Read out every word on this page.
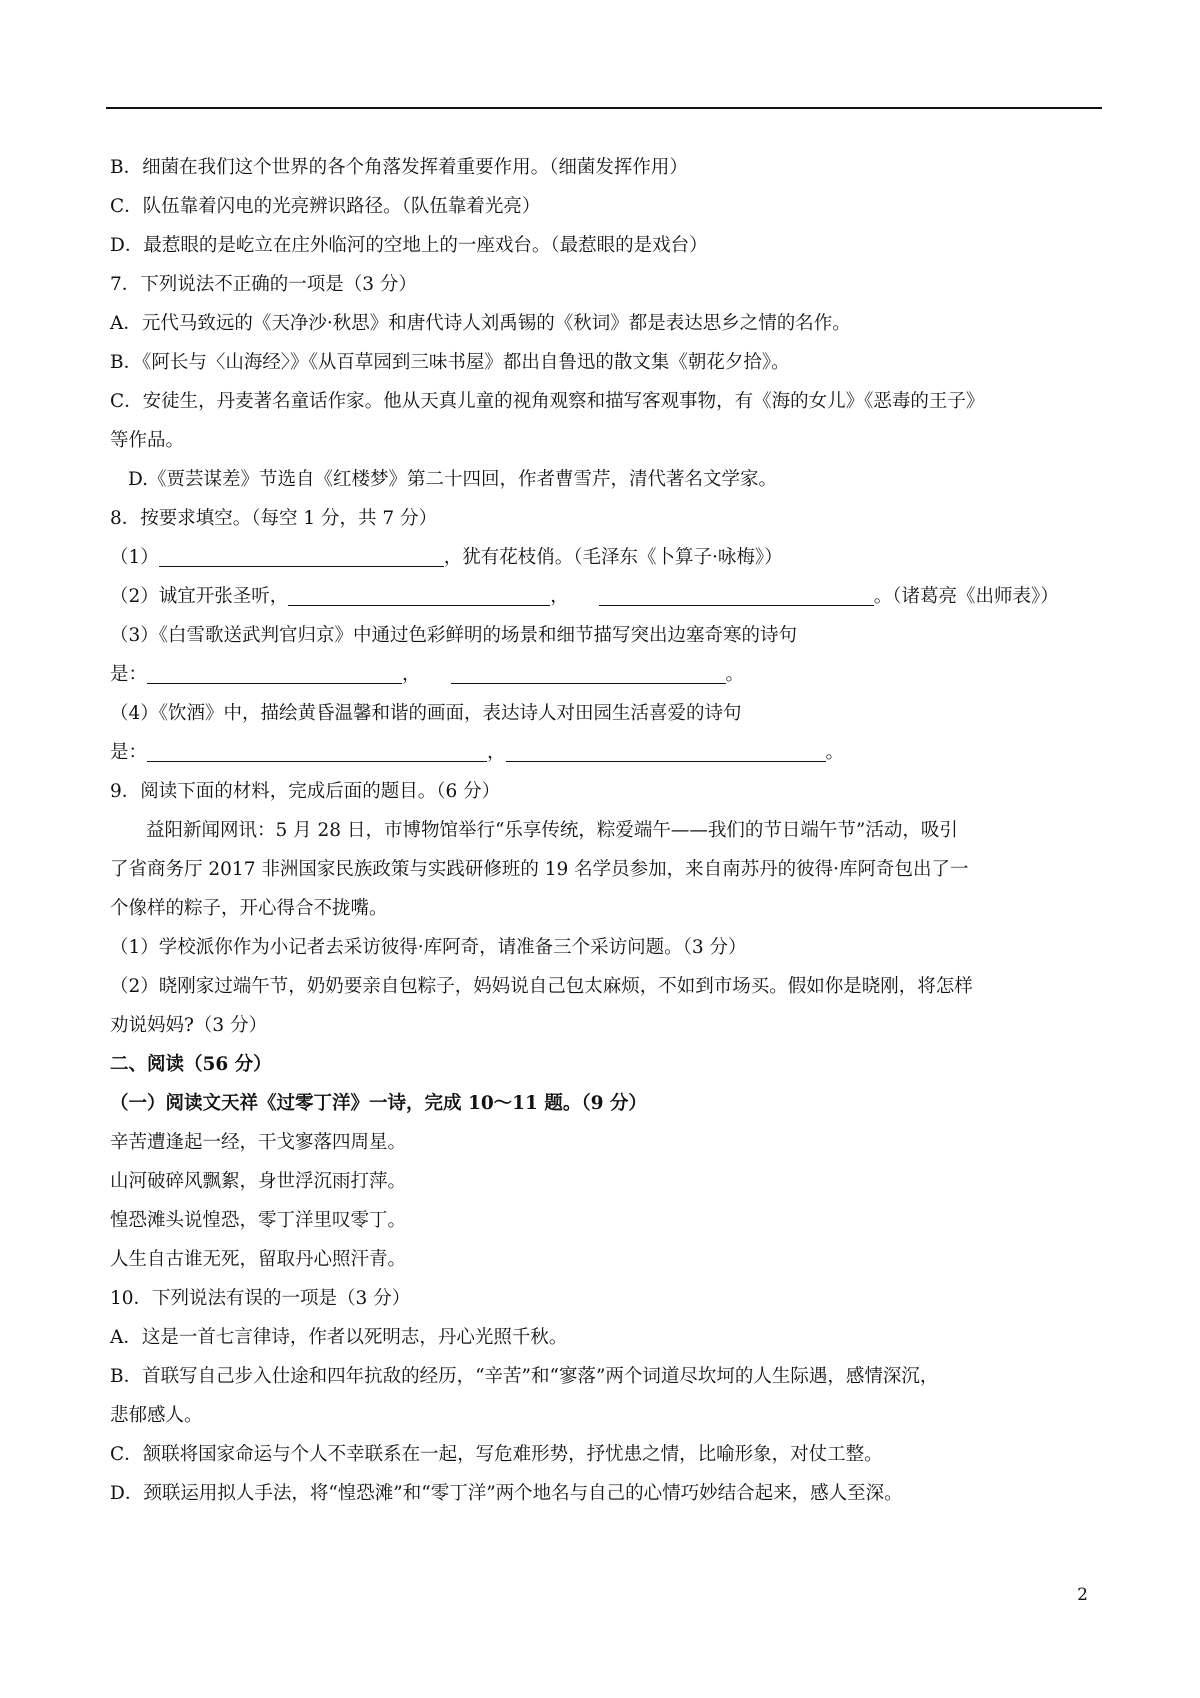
B．细菌在我们这个世界的各个角落发挥着重要作用。（细菌发挥作用）

C．队伍靠着闪电的光亮辨识路径。（队伍靠着光亮）

D．最惹眼的是屹立在庄外临河的空地上的一座戏台。（最惹眼的是戏台）

7．下列说法不正确的一项是（3 分）

A．元代马致远的《天净沙·秋思》和唐代诗人刘禹锡的《秋词》都是表达思乡之情的名作。

B．《阿长与〈山海经〉》《从百草园到三味书屋》都出自鲁迅的散文集《朝花夕拾》。

C．安徒生，丹麦著名童话作家。他从天真儿童的视角观察和描写客观事物，有《海的女儿》《恶毒的王子》

等作品。

D.《贾芸谋差》节选自《红楼梦》第二十四回，作者曹雪芹，清代著名文学家。

8．按要求填空。（每空 1 分，共 7 分）

（1）	，犹有花枝俏。（毛泽东《卜算子·咏梅》）

（2）诚宜开张圣听，	，	。（诸葛亮《出师表》）

（3）《白雪歌送武判官归京》中通过色彩鲜明的场景和细节描写突出边塞奇寒的诗句

是：	，	。

（4）《饮酒》中，描绘黄昏温馨和谐的画面，表达诗人对田园生活喜爱的诗句

是：	，	。

9．阅读下面的材料，完成后面的题目。（6 分）

益阳新闻网讯：5 月 28 日，市博物馆举行“乐享传统，粽爱端午——我们的节日端午节”活动，吸引

了省商务厅 2017 非洲国家民族政策与实践研修班的 19 名学员参加，来自南苏丹的彼得·库阿奇包出了一

个像样的粽子，开心得合不拢嘴。

（1）学校派你作为小记者去采访彼得·库阿奇，请准备三个采访问题。（3 分）

（2）晓刚家过端午节，奶奶要亲自包粽子，妈妈说自己包太麻烦，不如到市场买。假如你是晓刚，将怎样

劝说妈妈?（3 分）

二、阅读（56 分）

（一）阅读文天祥《过零丁洋》一诗，完成 10～11 题。（9 分）

辛苦遭逢起一经，干戈寥落四周星。

山河破碎风飘絮，身世浮沉雨打萍。

惶恐滩头说惶恐，零丁洋里叹零丁。

人生自古谁无死，留取丹心照汗青。

10．下列说法有误的一项是（3 分）

A．这是一首七言律诗，作者以死明志，丹心光照千秋。

B．首联写自己步入仕途和四年抗敌的经历，“辛苦”和“寥落”两个词道尽坎坷的人生际遇，感情深沉，

悲郁感人。

C．颔联将国家命运与个人不幸联系在一起，写危难形势，抒忧患之情，比喻形象，对仗工整。

D．颈联运用拟人手法，将“惶恐滩”和“零丁洋”两个地名与自己的心情巧妙结合起来，感人至深。

2
